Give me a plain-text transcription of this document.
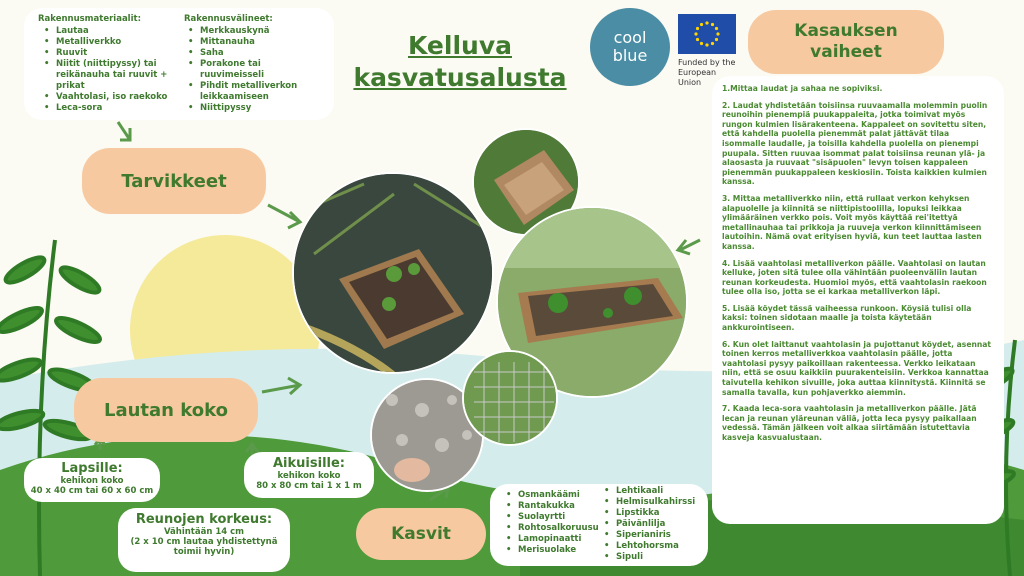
Rakennusmateriaalit:
• Lautaa
• Metalliverkko
• Ruuvit
• Niitit (niittipyssy) tai reikänauha tai ruuvit + prikat
• Vaahtolasi, iso raekoko
• Leca-sora
Rakennusvälineet:
• Merkkauskynä
• Mittanauha
• Saha
• Porakone tai ruuvimeisseli
• Pihdit metalliverkon leikkaamiseen
• Niittipyssy
Kelluva
kasvatusalusta
cool
blue	Funded by the
European
Union
Kasauksen
vaiheet

1.Mittaa laudat ja sahaa ne sopiviksi.

2. Laudat yhdistetään toisiinsa ruuvaamalla molemmin puolin reunoihin pienempiä puukappaleita, jotka toimivat myös rungon kulmien lisärakenteena. Kappaleet on sovitettu siten, että kahdella puolella pienemmät palat jättävät tilaa isommalle laudalle, ja toisilla kahdella puolella on pienempi puupala. Sitten ruuvaa isommat palat toisiinsa reunan ylä- ja alaosasta ja ruuvaat "sisäpuolen" levyn toisen kappaleen pienemmän puukappaleen keskiosiin. Toista kaikkien kulmien kanssa.

3. Mittaa metalliverkko niin, että rullaat verkon kehyksen alapuolelle ja kiinnitä se niittipistoolilla, lopuksi leikkaa ylimääräinen verkko pois. Voit myös käyttää rei'itettyä metallinauhaa tai prikkoja ja ruuveja verkon kiinnittämiseen lautoihin. Nämä ovat erityisen hyviä, kun teet lauttaa lasten kanssa.

4. Lisää vaahtolasi metalliverkon päälle. Vaahtolasi on lautan kelluke, joten sitä tulee olla vähintään puoleenväliin lautan reunan korkeudesta. Huomioi myös, että vaahtolasin raekoon tulee olla iso, jotta se ei karkaa metalliverkon läpi.

5. Lisää köydet tässä vaiheessa runkoon. Köysiä tulisi olla kaksi: toinen sidotaan maalle ja toista käytetään ankkurointiseen.

6. Kun olet laittanut vaahtolasin ja pujottanut köydet, asennat toinen kerros metalliverkkoa vaahtolasin päälle, jotta vaahtolasi pysyy paikoillaan rakenteessa. Verkko leikataan niin, että se osuu kaikkiin puurakenteisiin. Verkkoa kannattaa taivutella kehikon sivuille, joka auttaa kiinnitystä. Kiinnitä se samalla tavalla, kun pohjaverkko aiemmin.

7. Kaada leca-sora vaahtolasin ja metalliverkon päälle. Jätä lecan ja reunan yläreunan väliä, jotta leca pysyy paikallaan vedessä. Tämän jälkeen voit alkaa siirtämään istutettavia kasveja kasvualustaan.

Tarvikkeet
Lautan koko
Lapsille:
kehikon koko
40 x 40 cm tai 60 x 60 cm
Aikuisille:
kehikon koko
80 x 80 cm tai 1 x 1 m
Reunojen korkeus:
Vähintään 14 cm
(2 x 10 cm lautaa yhdistettynä
toimii hyvin)
Kasvit
• Osmankäämi
• Rantakukka
• Suolayrtti
• Rohtosalkoruusu
• Lamopinaatti
• Merisuolake
• Lehtikaali
• Helmisulkahirssi
• Lipstikka
• Päivänlilja
• Siperianiris
• Lehtohorsma
• Sipuli
